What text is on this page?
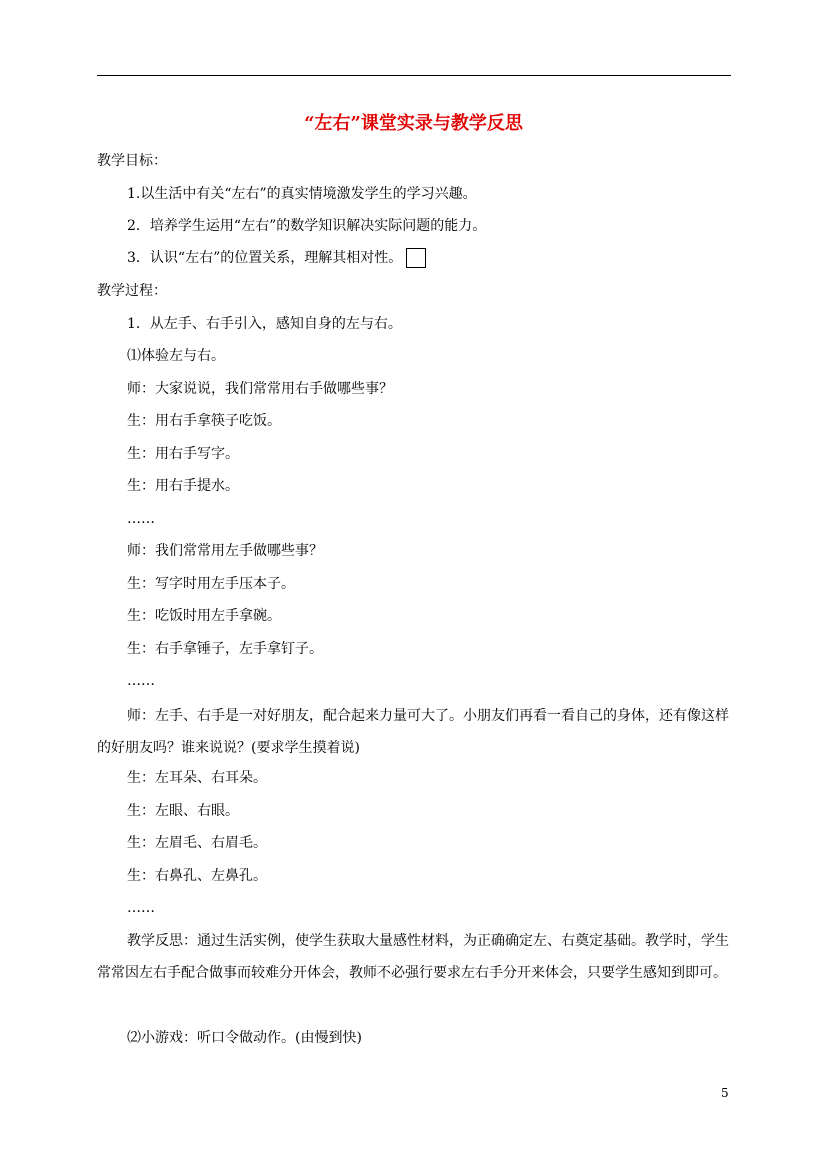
“左右”课堂实录与教学反思
教学目标：
1.以生活中有关“左右”的真实情境激发学生的学习兴趣。
2．培养学生运用“左右”的数学知识解决实际问题的能力。
3．认识“左右”的位置关系，理解其相对性。
教学过程：
1．从左手、右手引入，感知自身的左与右。
⑴体验左与右。
师：大家说说，我们常常用右手做哪些事？
生：用右手拿筷子吃饭。
生：用右手写字。
生：用右手提水。
……
师：我们常常用左手做哪些事？
生：写字时用左手压本子。
生：吃饭时用左手拿碗。
生：右手拿锤子，左手拿钉子。
……
师：左手、右手是一对好朋友，配合起来力量可大了。小朋友们再看一看自己的身体，还有像这样的好朋友吗？谁来说说？(要求学生摸着说)
生：左耳朵、右耳朵。
生：左眼、右眼。
生：左眉毛、右眉毛。
生：右鼻孔、左鼻孔。
……
教学反思：通过生活实例，使学生获取大量感性材料，为正确确定左、右奠定基础。教学时，学生常常因左右手配合做事而较难分开体会，教师不必强行要求左右手分开来体会，只要学生感知到即可。
⑵小游戏：听口令做动作。(由慢到快)
5
